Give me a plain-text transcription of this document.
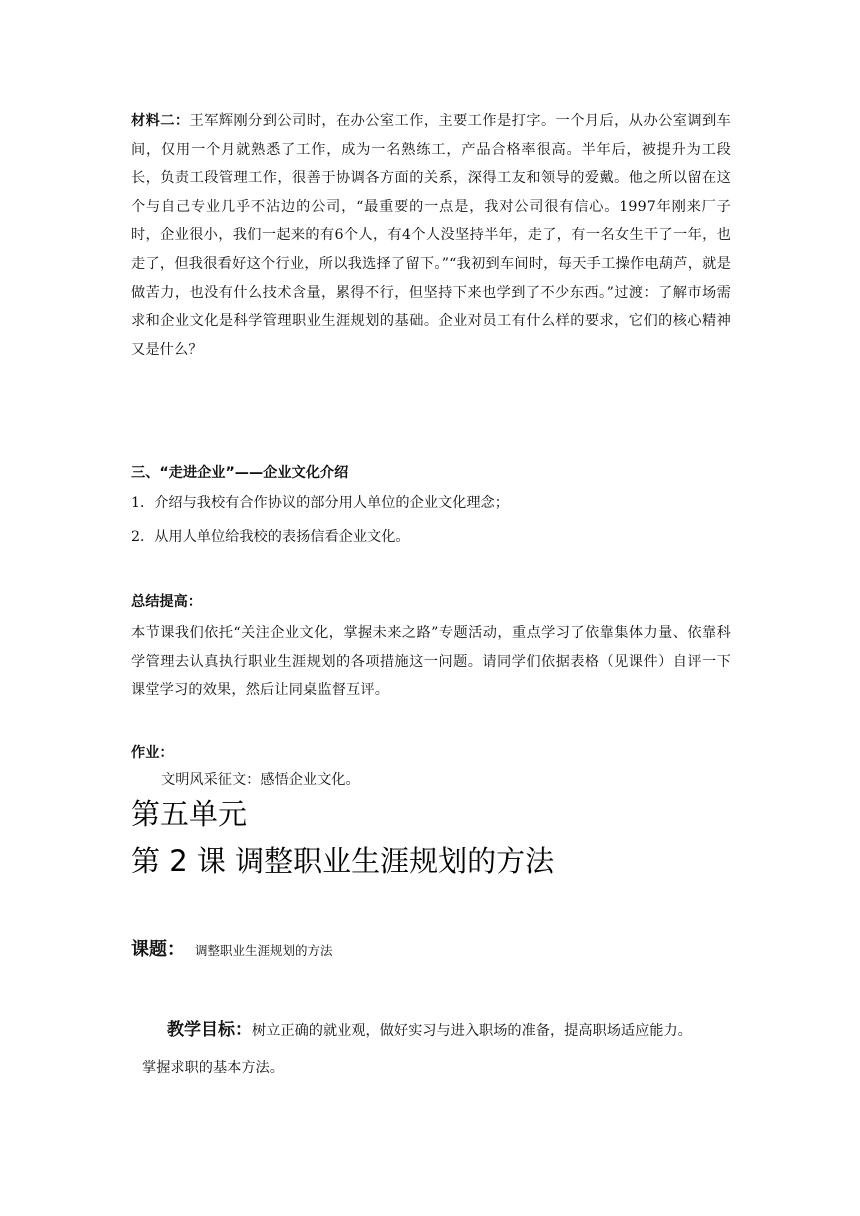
材料二：王军辉刚分到公司时，在办公室工作，主要工作是打字。一个月后，从办公室调到车间，仅用一个月就熟悉了工作，成为一名熟练工，产品合格率很高。半年后，被提升为工段长，负责工段管理工作，很善于协调各方面的关系，深得工友和领导的爱戴。他之所以留在这个与自己专业几乎不沾边的公司，“最重要的一点是，我对公司很有信心。1997年刚来厂子时，企业很小，我们一起来的有6个人，有4个人没坚持半年，走了，有一名女生干了一年，也走了，但我很看好这个行业，所以我选择了留下。”“我初到车间时，每天手工操作电葫芦，就是做苦力，也没有什么技术含量，累得不行，但坚持下来也学到了不少东西。”过渡：了解市场需求和企业文化是科学管理职业生涯规划的基础。企业对员工有什么样的要求，它们的核心精神又是什么？
三、“走进企业”——企业文化介绍
1．介绍与我校有合作协议的部分用人单位的企业文化理念；
2．从用人单位给我校的表扬信看企业文化。
总结提高：
本节课我们依托“关注企业文化，掌握未来之路”专题活动，重点学习了依靠集体力量、依靠科学管理去认真执行职业生涯规划的各项措施这一问题。请同学们依据表格（见课件）自评一下课堂学习的效果，然后让同桌监督互评。
作业：
文明风采征文：感悟企业文化。
第五单元
第 2 课 调整职业生涯规划的方法
课题： 调整职业生涯规划的方法
教学目标：树立正确的就业观，做好实习与进入职场的准备，提高职场适应能力。
掌握求职的基本方法。
